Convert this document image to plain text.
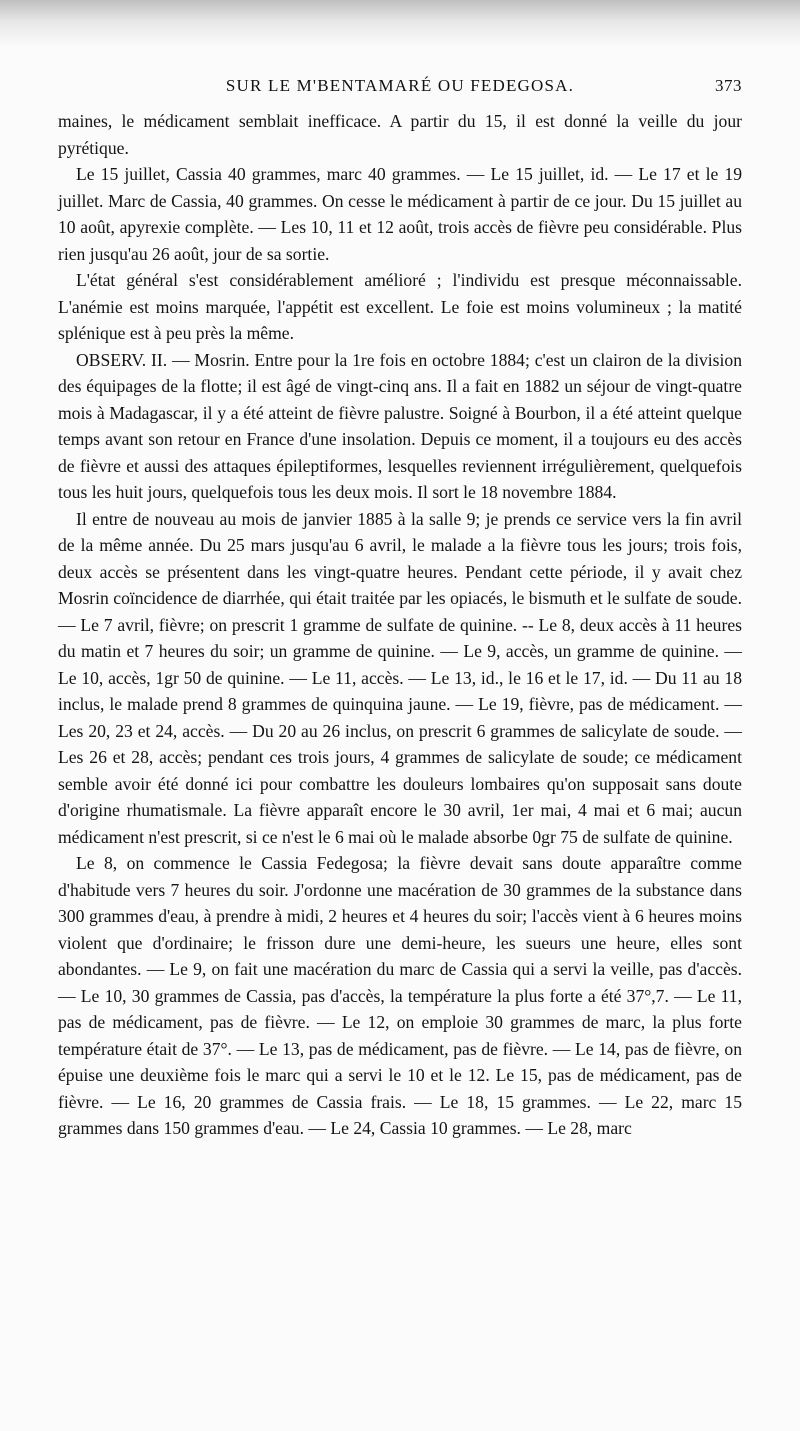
SUR LE M'BENTAMARÉ OU FEDEGOSA.	373

maines, le médicament semblait inefficace. A partir du 15, il est donné la veille du jour pyrétique.

Le 15 juillet, Cassia 40 grammes, marc 40 grammes. — Le 15 juillet, id. — Le 17 et le 19 juillet. Marc de Cassia, 40 grammes. On cesse le médicament à partir de ce jour. Du 15 juillet au 10 août, apyrexie complète. — Les 10, 11 et 12 août, trois accès de fièvre peu considérable. Plus rien jusqu'au 26 août, jour de sa sortie.

L'état général s'est considérablement amélioré ; l'individu est presque méconnaissable. L'anémie est moins marquée, l'appétit est excellent. Le foie est moins volumineux ; la matité splénique est à peu près la même.

OBSERV. II. — Mosrin. Entre pour la 1re fois en octobre 1884; c'est un clairon de la division des équipages de la flotte; il est âgé de vingt-cinq ans. Il a fait en 1882 un séjour de vingt-quatre mois à Madagascar, il y a été atteint de fièvre palustre. Soigné à Bourbon, il a été atteint quelque temps avant son retour en France d'une insolation. Depuis ce moment, il a toujours eu des accès de fièvre et aussi des attaques épileptiformes, lesquelles reviennent irrégulièrement, quelquefois tous les huit jours, quelquefois tous les deux mois. Il sort le 18 novembre 1884.

Il entre de nouveau au mois de janvier 1885 à la salle 9; je prends ce service vers la fin avril de la même année. Du 25 mars jusqu'au 6 avril, le malade a la fièvre tous les jours; trois fois, deux accès se présentent dans les vingt-quatre heures. Pendant cette période, il y avait chez Mosrin coïncidence de diarrhée, qui était traitée par les opiacés, le bismuth et le sulfate de soude. — Le 7 avril, fièvre; on prescrit 1 gramme de sulfate de quinine. -- Le 8, deux accès à 11 heures du matin et 7 heures du soir; un gramme de quinine. — Le 9, accès, un gramme de quinine. — Le 10, accès, 1gr 50 de quinine. — Le 11, accès. — Le 13, id., le 16 et le 17, id. — Du 11 au 18 inclus, le malade prend 8 grammes de quinquina jaune. — Le 19, fièvre, pas de médicament. — Les 20, 23 et 24, accès. — Du 20 au 26 inclus, on prescrit 6 grammes de salicylate de soude. — Les 26 et 28, accès; pendant ces trois jours, 4 grammes de salicylate de soude; ce médicament semble avoir été donné ici pour combattre les douleurs lombaires qu'on supposait sans doute d'origine rhumatismale. La fièvre apparaît encore le 30 avril, 1er mai, 4 mai et 6 mai; aucun médicament n'est prescrit, si ce n'est le 6 mai où le malade absorbe 0gr 75 de sulfate de quinine.

Le 8, on commence le Cassia Fedegosa; la fièvre devait sans doute apparaître comme d'habitude vers 7 heures du soir. J'ordonne une macération de 30 grammes de la substance dans 300 grammes d'eau, à prendre à midi, 2 heures et 4 heures du soir; l'accès vient à 6 heures moins violent que d'ordinaire; le frisson dure une demi-heure, les sueurs une heure, elles sont abondantes. — Le 9, on fait une macération du marc de Cassia qui a servi la veille, pas d'accès. — Le 10, 30 grammes de Cassia, pas d'accès, la température la plus forte a été 37°,7. — Le 11, pas de médicament, pas de fièvre. — Le 12, on emploie 30 grammes de marc, la plus forte température était de 37°. — Le 13, pas de médicament, pas de fièvre. — Le 14, pas de fièvre, on épuise une deuxième fois le marc qui a servi le 10 et le 12. Le 15, pas de médicament, pas de fièvre. — Le 16, 20 grammes de Cassia frais. — Le 18, 15 grammes. — Le 22, marc 15 grammes dans 150 grammes d'eau. — Le 24, Cassia 10 grammes. — Le 28, marc
